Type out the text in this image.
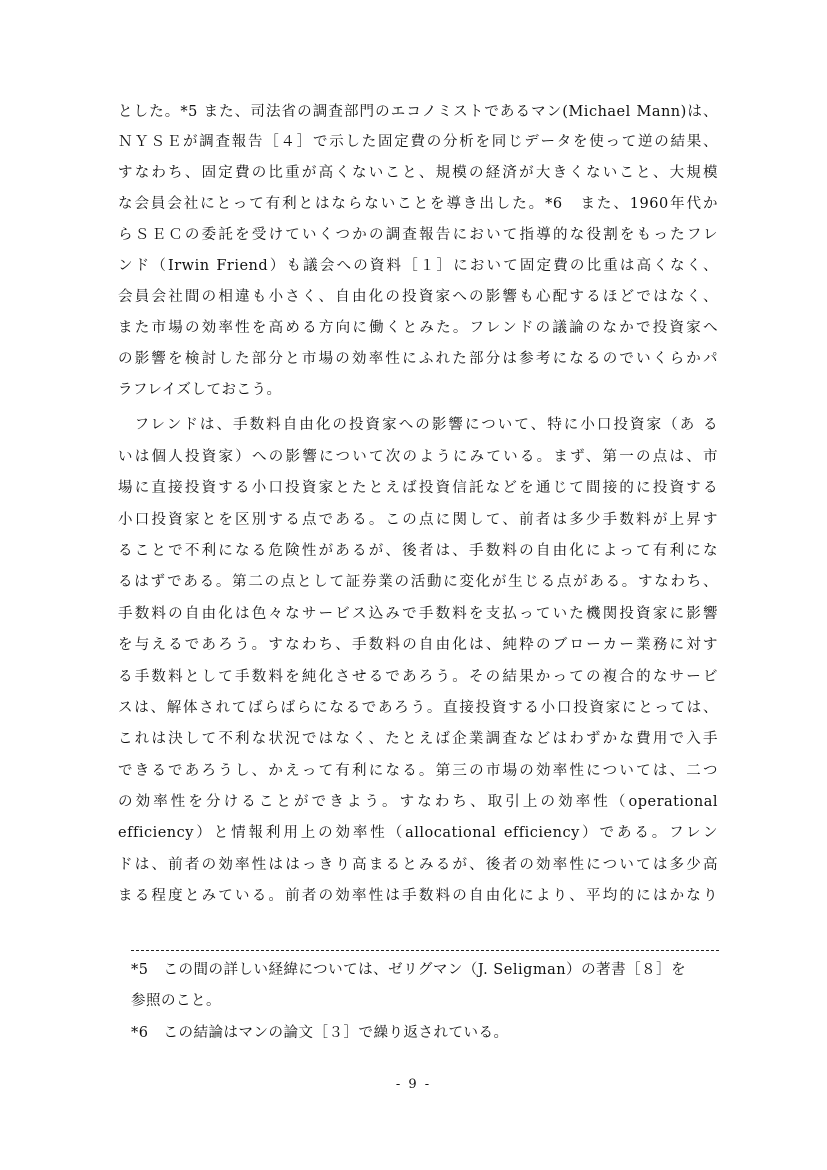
とした。*5 また、司法省の調査部門のエコノミストであるマン(Michael Mann)は、
ＮＹＳＥが調査報告［４］で示した固定費の分析を同じデータを使って逆の結果、
すなわち、固定費の比重が高くないこと、規模の経済が大きくないこと、大規模
な会員会社にとって有利とはならないことを導き出した。*6　また、1960年代か
らＳＥＣの委託を受けていくつかの調査報告において指導的な役割をもったフレ
ンド（Irwin Friend）も議会への資料［１］において固定費の比重は高くなく、
会員会社間の相違も小さく、自由化の投資家への影響も心配するほどではなく、
また市場の効率性を高める方向に働くとみた。フレンドの議論のなかで投資家へ
の影響を検討した部分と市場の効率性にふれた部分は参考になるのでいくらかパ
ラフレイズしておこう。
　フレンドは、手数料自由化の投資家への影響について、特に小口投資家（あ る
いは個人投資家）への影響について次のようにみている。まず、第一の点は、市
場に直接投資する小口投資家とたとえば投資信託などを通じて間接的に投資する
小口投資家とを区別する点である。この点に関して、前者は多少手数料が上昇す
ることで不利になる危険性があるが、後者は、手数料の自由化によって有利にな
るはずである。第二の点として証券業の活動に変化が生じる点がある。すなわち、
手数料の自由化は色々なサービス込みで手数料を支払っていた機関投資家に影響
を与えるであろう。すなわち、手数料の自由化は、純粋のブローカー業務に対す
る手数料として手数料を純化させるであろう。その結果かっての複合的なサービ
スは、解体されてばらばらになるであろう。直接投資する小口投資家にとっては、
これは決して不利な状況ではなく、たとえば企業調査などはわずかな費用で入手
できるであろうし、かえって有利になる。第三の市場の効率性については、二つ
の効率性を分けることができよう。すなわち、取引上の効率性（operational
efficiency）と情報利用上の効率性（allocational efficiency）である。フレン
ドは、前者の効率性ははっきり高まるとみるが、後者の効率性については多少高
まる程度とみている。前者の効率性は手数料の自由化により、平均的にはかなり
*5　この間の詳しい経緯については、ゼリグマン（J. Seligman）の著書［８］を
参照のこと。
*6　この結論はマンの論文［３］で繰り返されている。
- 9 -
